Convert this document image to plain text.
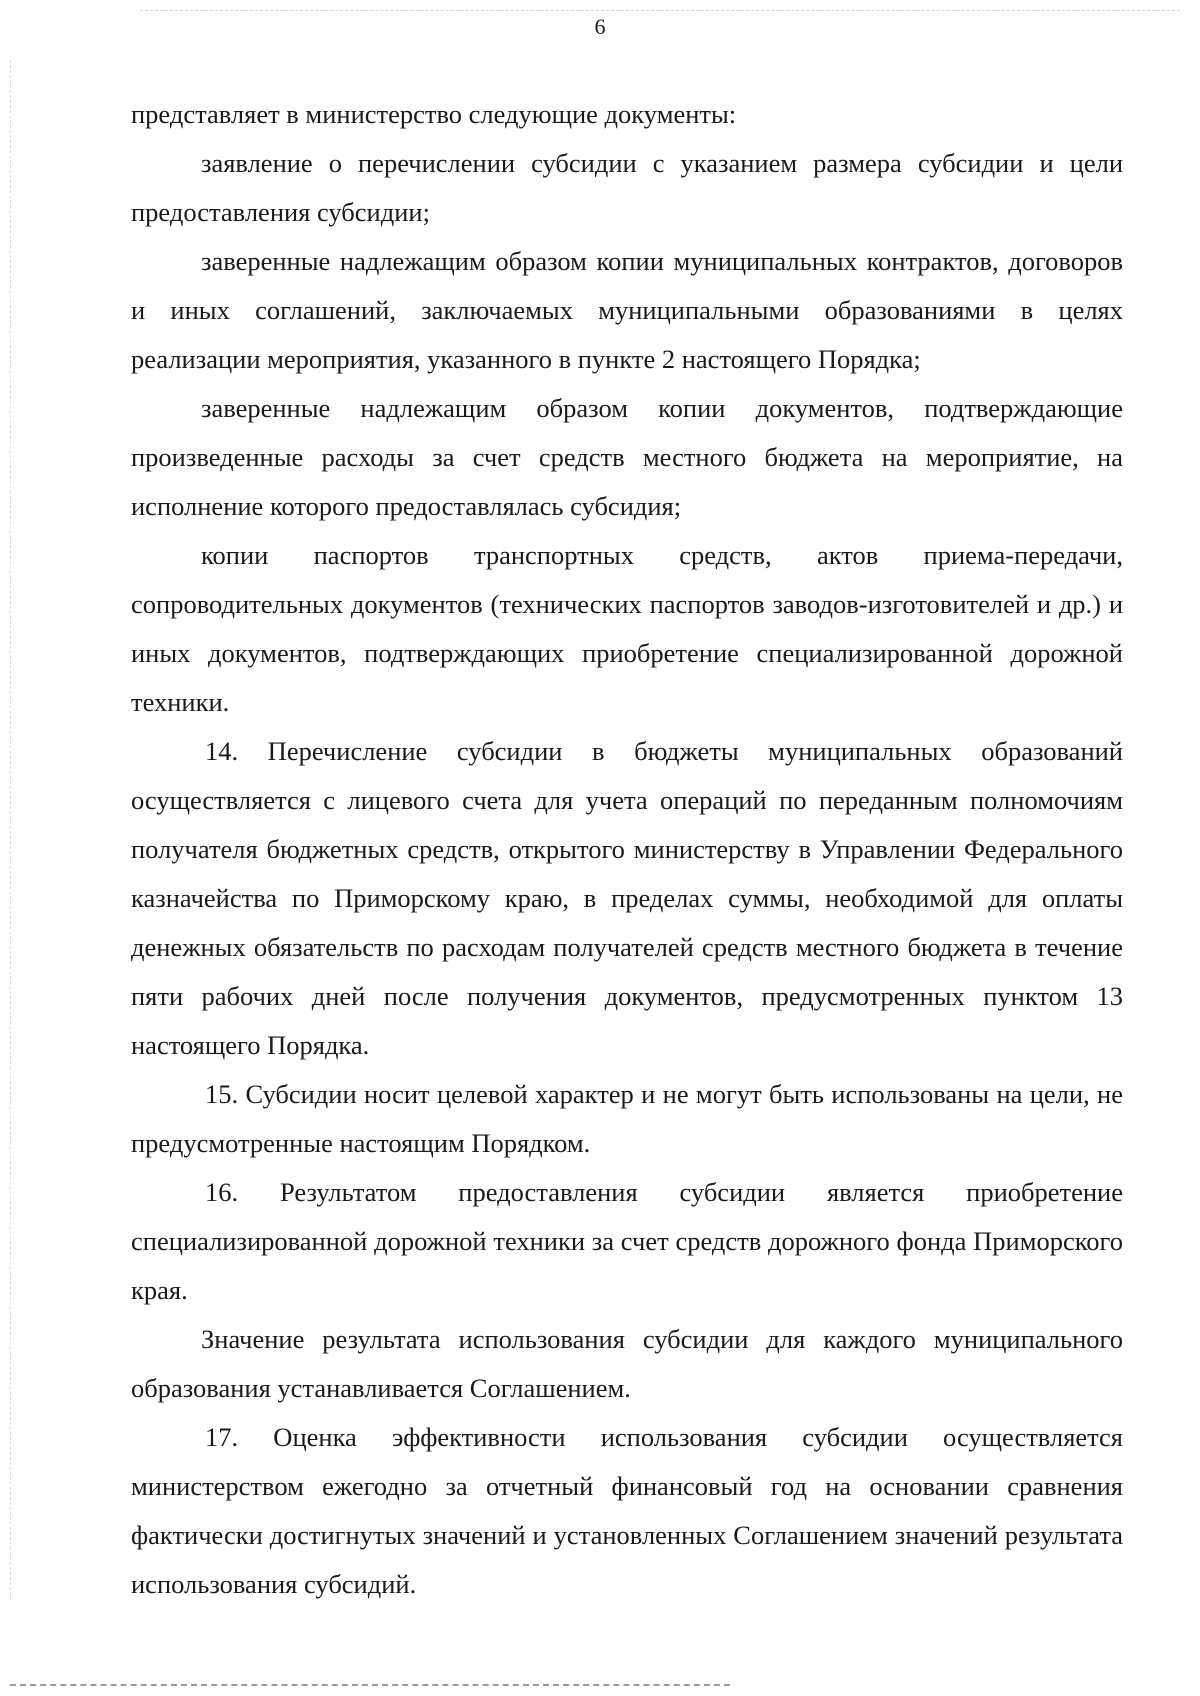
6

представляет в министерство следующие документы:

заявление о перечислении субсидии с указанием размера субсидии и цели предоставления субсидии;

заверенные надлежащим образом копии муниципальных контрактов, договоров и иных соглашений, заключаемых муниципальными образованиями в целях реализации мероприятия, указанного в пункте 2 настоящего Порядка;

заверенные надлежащим образом копии документов, подтверждающие произведенные расходы за счет средств местного бюджета на мероприятие, на исполнение которого предоставлялась субсидия;

копии паспортов транспортных средств, актов приема-передачи, сопроводительных документов (технических паспортов заводов-изготовителей и др.) и иных документов, подтверждающих приобретение специализированной дорожной техники.

14. Перечисление субсидии в бюджеты муниципальных образований осуществляется с лицевого счета для учета операций по переданным полномочиям получателя бюджетных средств, открытого министерству в Управлении Федерального казначейства по Приморскому краю, в пределах суммы, необходимой для оплаты денежных обязательств по расходам получателей средств местного бюджета в течение пяти рабочих дней после получения документов, предусмотренных пунктом 13 настоящего Порядка.

15. Субсидии носит целевой характер и не могут быть использованы на цели, не предусмотренные настоящим Порядком.

16. Результатом предоставления субсидии является приобретение специализированной дорожной техники за счет средств дорожного фонда Приморского края.

Значение результата использования субсидии для каждого муниципального образования устанавливается Соглашением.

17. Оценка эффективности использования субсидии осуществляется министерством ежегодно за отчетный финансовый год на основании сравнения фактически достигнутых значений и установленных Соглашением значений результата использования субсидий.
